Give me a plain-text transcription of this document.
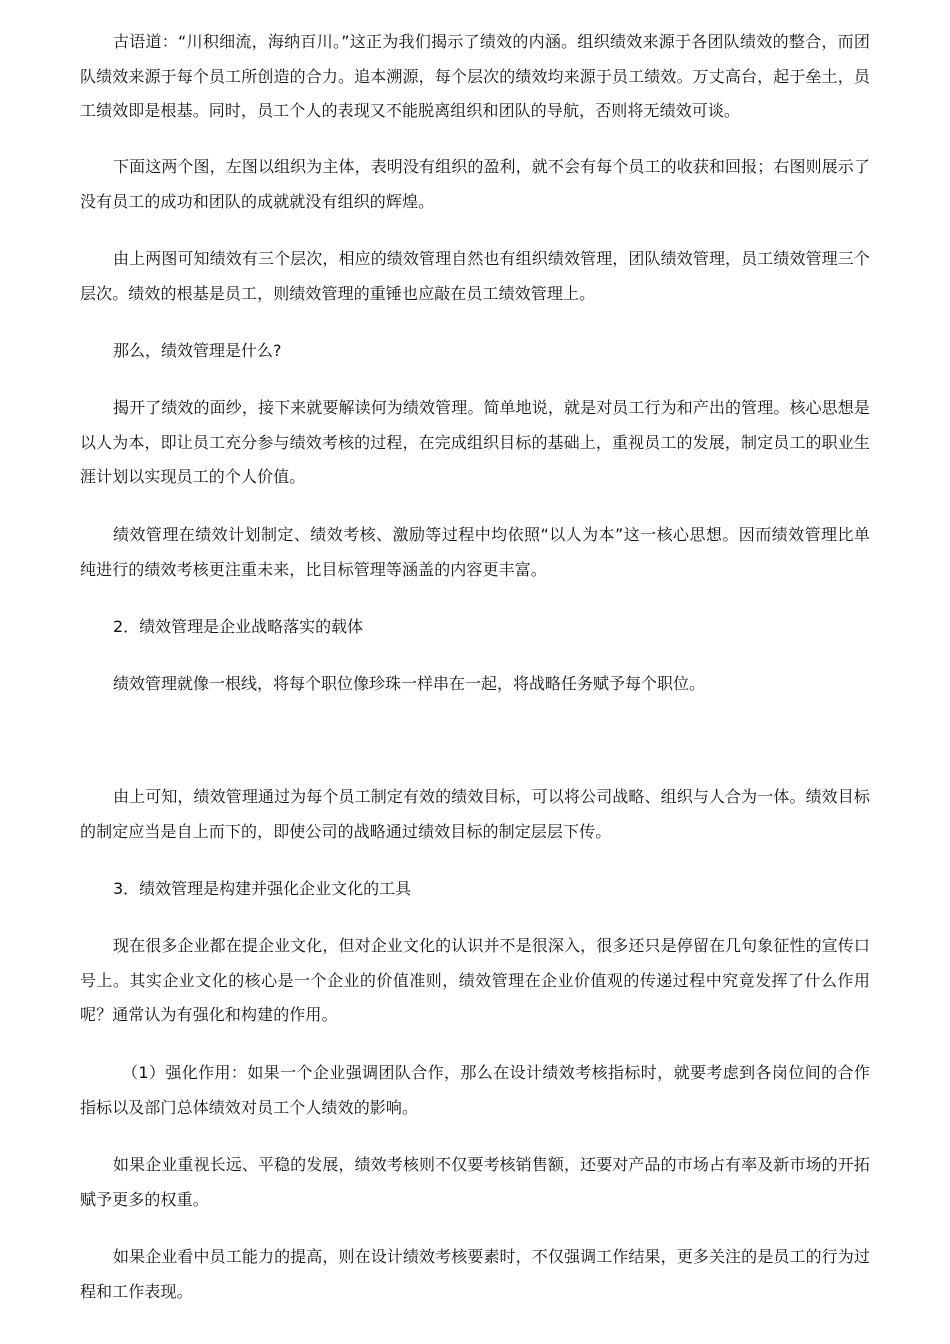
古语道：“川积细流，海纳百川。”这正为我们揭示了绩效的内涵。组织绩效来源于各团队绩效的整合，而团队绩效来源于每个员工所创造的合力。追本溯源，每个层次的绩效均来源于员工绩效。万丈高台，起于垒土，员工绩效即是根基。同时，员工个人的表现又不能脱离组织和团队的导航，否则将无绩效可谈。

下面这两个图，左图以组织为主体，表明没有组织的盈利，就不会有每个员工的收获和回报；右图则展示了没有员工的成功和团队的成就就没有组织的辉煌。

由上两图可知绩效有三个层次，相应的绩效管理自然也有组织绩效管理，团队绩效管理，员工绩效管理三个层次。绩效的根基是员工，则绩效管理的重锤也应敲在员工绩效管理上。

那么，绩效管理是什么?

揭开了绩效的面纱，接下来就要解读何为绩效管理。简单地说，就是对员工行为和产出的管理。核心思想是以人为本，即让员工充分参与绩效考核的过程，在完成组织目标的基础上，重视员工的发展，制定员工的职业生涯计划以实现员工的个人价值。

绩效管理在绩效计划制定、绩效考核、激励等过程中均依照“以人为本”这一核心思想。因而绩效管理比单纯进行的绩效考核更注重未来，比目标管理等涵盖的内容更丰富。

2．绩效管理是企业战略落实的载体

绩效管理就像一根线，将每个职位像珍珠一样串在一起，将战略任务赋予每个职位。

由上可知，绩效管理通过为每个员工制定有效的绩效目标，可以将公司战略、组织与人合为一体。绩效目标的制定应当是自上而下的，即使公司的战略通过绩效目标的制定层层下传。

3．绩效管理是构建并强化企业文化的工具

现在很多企业都在提企业文化，但对企业文化的认识并不是很深入，很多还只是停留在几句象征性的宣传口号上。其实企业文化的核心是一个企业的价值准则，绩效管理在企业价值观的传递过程中究竟发挥了什么作用呢？通常认为有强化和构建的作用。

（1）强化作用：如果一个企业强调团队合作，那么在设计绩效考核指标时，就要考虑到各岗位间的合作指标以及部门总体绩效对员工个人绩效的影响。

如果企业重视长远、平稳的发展，绩效考核则不仅要考核销售额，还要对产品的市场占有率及新市场的开拓赋予更多的权重。

如果企业看中员工能力的提高，则在设计绩效考核要素时，不仅强调工作结果，更多关注的是员工的行为过程和工作表现。
